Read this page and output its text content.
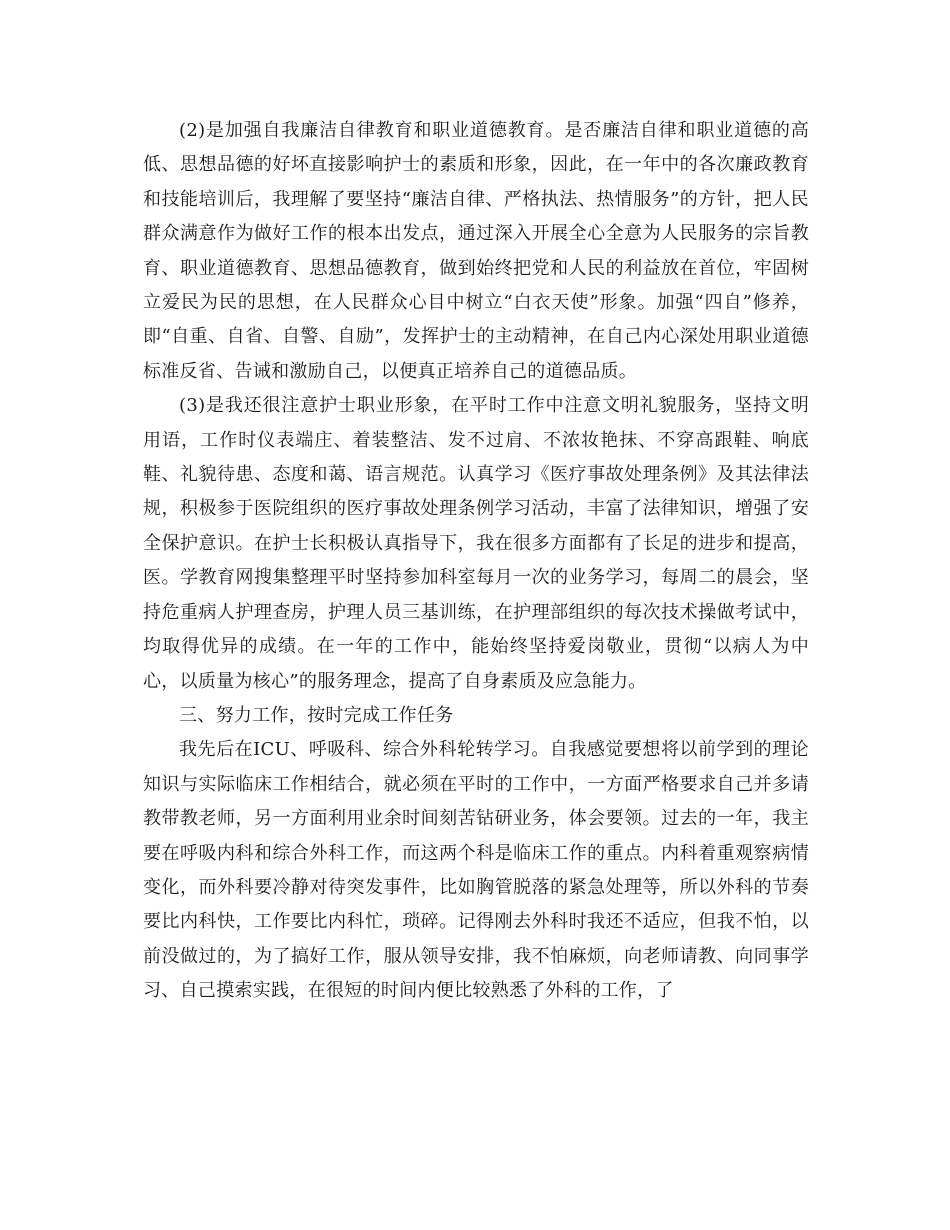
(2)是加强自我廉洁自律教育和职业道德教育。是否廉洁自律和职业道德的高低、思想品德的好坏直接影响护士的素质和形象，因此，在一年中的各次廉政教育和技能培训后，我理解了要坚持“廉洁自律、严格执法、热情服务”的方针，把人民群众满意作为做好工作的根本出发点，通过深入开展全心全意为人民服务的宗旨教育、职业道德教育、思想品德教育，做到始终把党和人民的利益放在首位，牢固树立爱民为民的思想，在人民群众心目中树立“白衣天使”形象。加强“四自”修养，即“自重、自省、自警、自励”，发挥护士的主动精神，在自己内心深处用职业道德标准反省、告诫和激励自己，以便真正培养自己的道德品质。

(3)是我还很注意护士职业形象，在平时工作中注意文明礼貌服务，坚持文明用语，工作时仪表端庄、着装整洁、发不过肩、不浓妆艳抹、不穿高跟鞋、响底鞋、礼貌待患、态度和蔼、语言规范。认真学习《医疗事故处理条例》及其法律法规，积极参于医院组织的医疗事故处理条例学习活动，丰富了法律知识，增强了安全保护意识。在护士长积极认真指导下，我在很多方面都有了长足的进步和提高，医。学教育网搜集整理平时坚持参加科室每月一次的业务学习，每周二的晨会，坚持危重病人护理查房，护理人员三基训练，在护理部组织的每次技术操做考试中，均取得优异的成绩。在一年的工作中，能始终坚持爱岗敬业，贯彻“以病人为中心，以质量为核心”的服务理念，提高了自身素质及应急能力。

三、努力工作，按时完成工作任务

我先后在ICU、呼吸科、综合外科轮转学习。自我感觉要想将以前学到的理论知识与实际临床工作相结合，就必须在平时的工作中，一方面严格要求自己并多请教带教老师，另一方面利用业余时间刻苦钻研业务，体会要领。过去的一年，我主要在呼吸内科和综合外科工作，而这两个科是临床工作的重点。内科着重观察病情变化，而外科要冷静对待突发事件，比如胸管脱落的紧急处理等，所以外科的节奏要比内科快，工作要比内科忙，琐碎。记得刚去外科时我还不适应，但我不怕，以前没做过的，为了搞好工作，服从领导安排，我不怕麻烦，向老师请教、向同事学习、自己摸索实践，在很短的时间内便比较熟悉了外科的工作，了
